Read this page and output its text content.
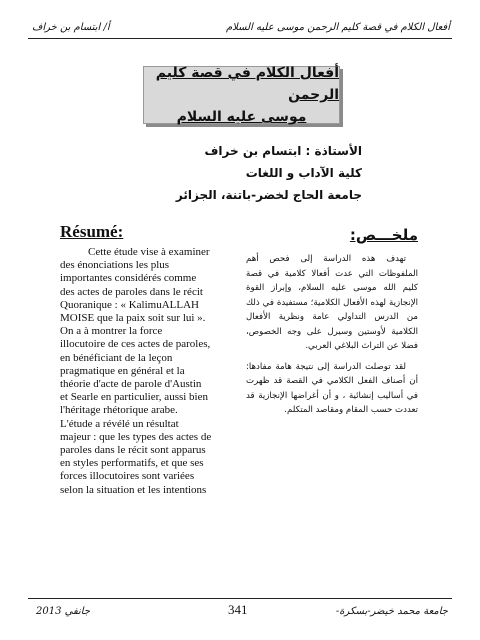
أ/ ابتسام بن خراف	أفعال الكلام في قصة كليم الرحمن موسى عليه السلام
أفعال الكلام في قصة كليم الرحمن
موسى عليه السلام
الأستاذة : ابتسام بن خراف
كلية الآداب و اللغات
جامعة الحاج لخضر-باتنة، الجزائر
Résumé:
Cette étude vise à examiner
des énonciations les plus
importantes considérés comme
des actes de paroles dans le récit
Quoranique : « KalimuALLAH
MOISE que la paix soit sur lui ».
On a à montrer la force
illocutoire de ces actes de paroles,
en bénéficiant de la leçon
pragmatique en général et la
théorie d'acte de parole d'Austin
et Searle en particulier, aussi bien
l'héritage rhétorique arabe.
L'étude a révélé un résultat
majeur : que les types des actes de
paroles dans le récit sont apparus
en styles performatifs, et que ses
forces illocutoires sont variées
selon la situation et les intentions
ملخـــص:

تهدف هذه الدراسة إلى فحص أهم الملفوظات التي عدت أفعالا كلامية في قصة كليم الله موسى عليه السلام، وإبراز القوة الإنجازية لهذه الأفعال الكلامية؛ مستفيدة في ذلك من الدرس التداولي عامة ونظرية الأفعال الكلامية لأوستين وسيرل على وجه الخصوص، فضلا عن التراث البلاغي العربي.

لقد توصلت الدراسة إلى نتيجة هامة مفادها: أن أصناف الفعل الكلامي في القصة قد ظهرت في أساليب إنشائية ، و أن أغراضها الإنجازية قد تعددت حسب المقام ومقاصد المتكلم.

جانفي 2013	341	جامعة محمد خيضر-بسكرة-
